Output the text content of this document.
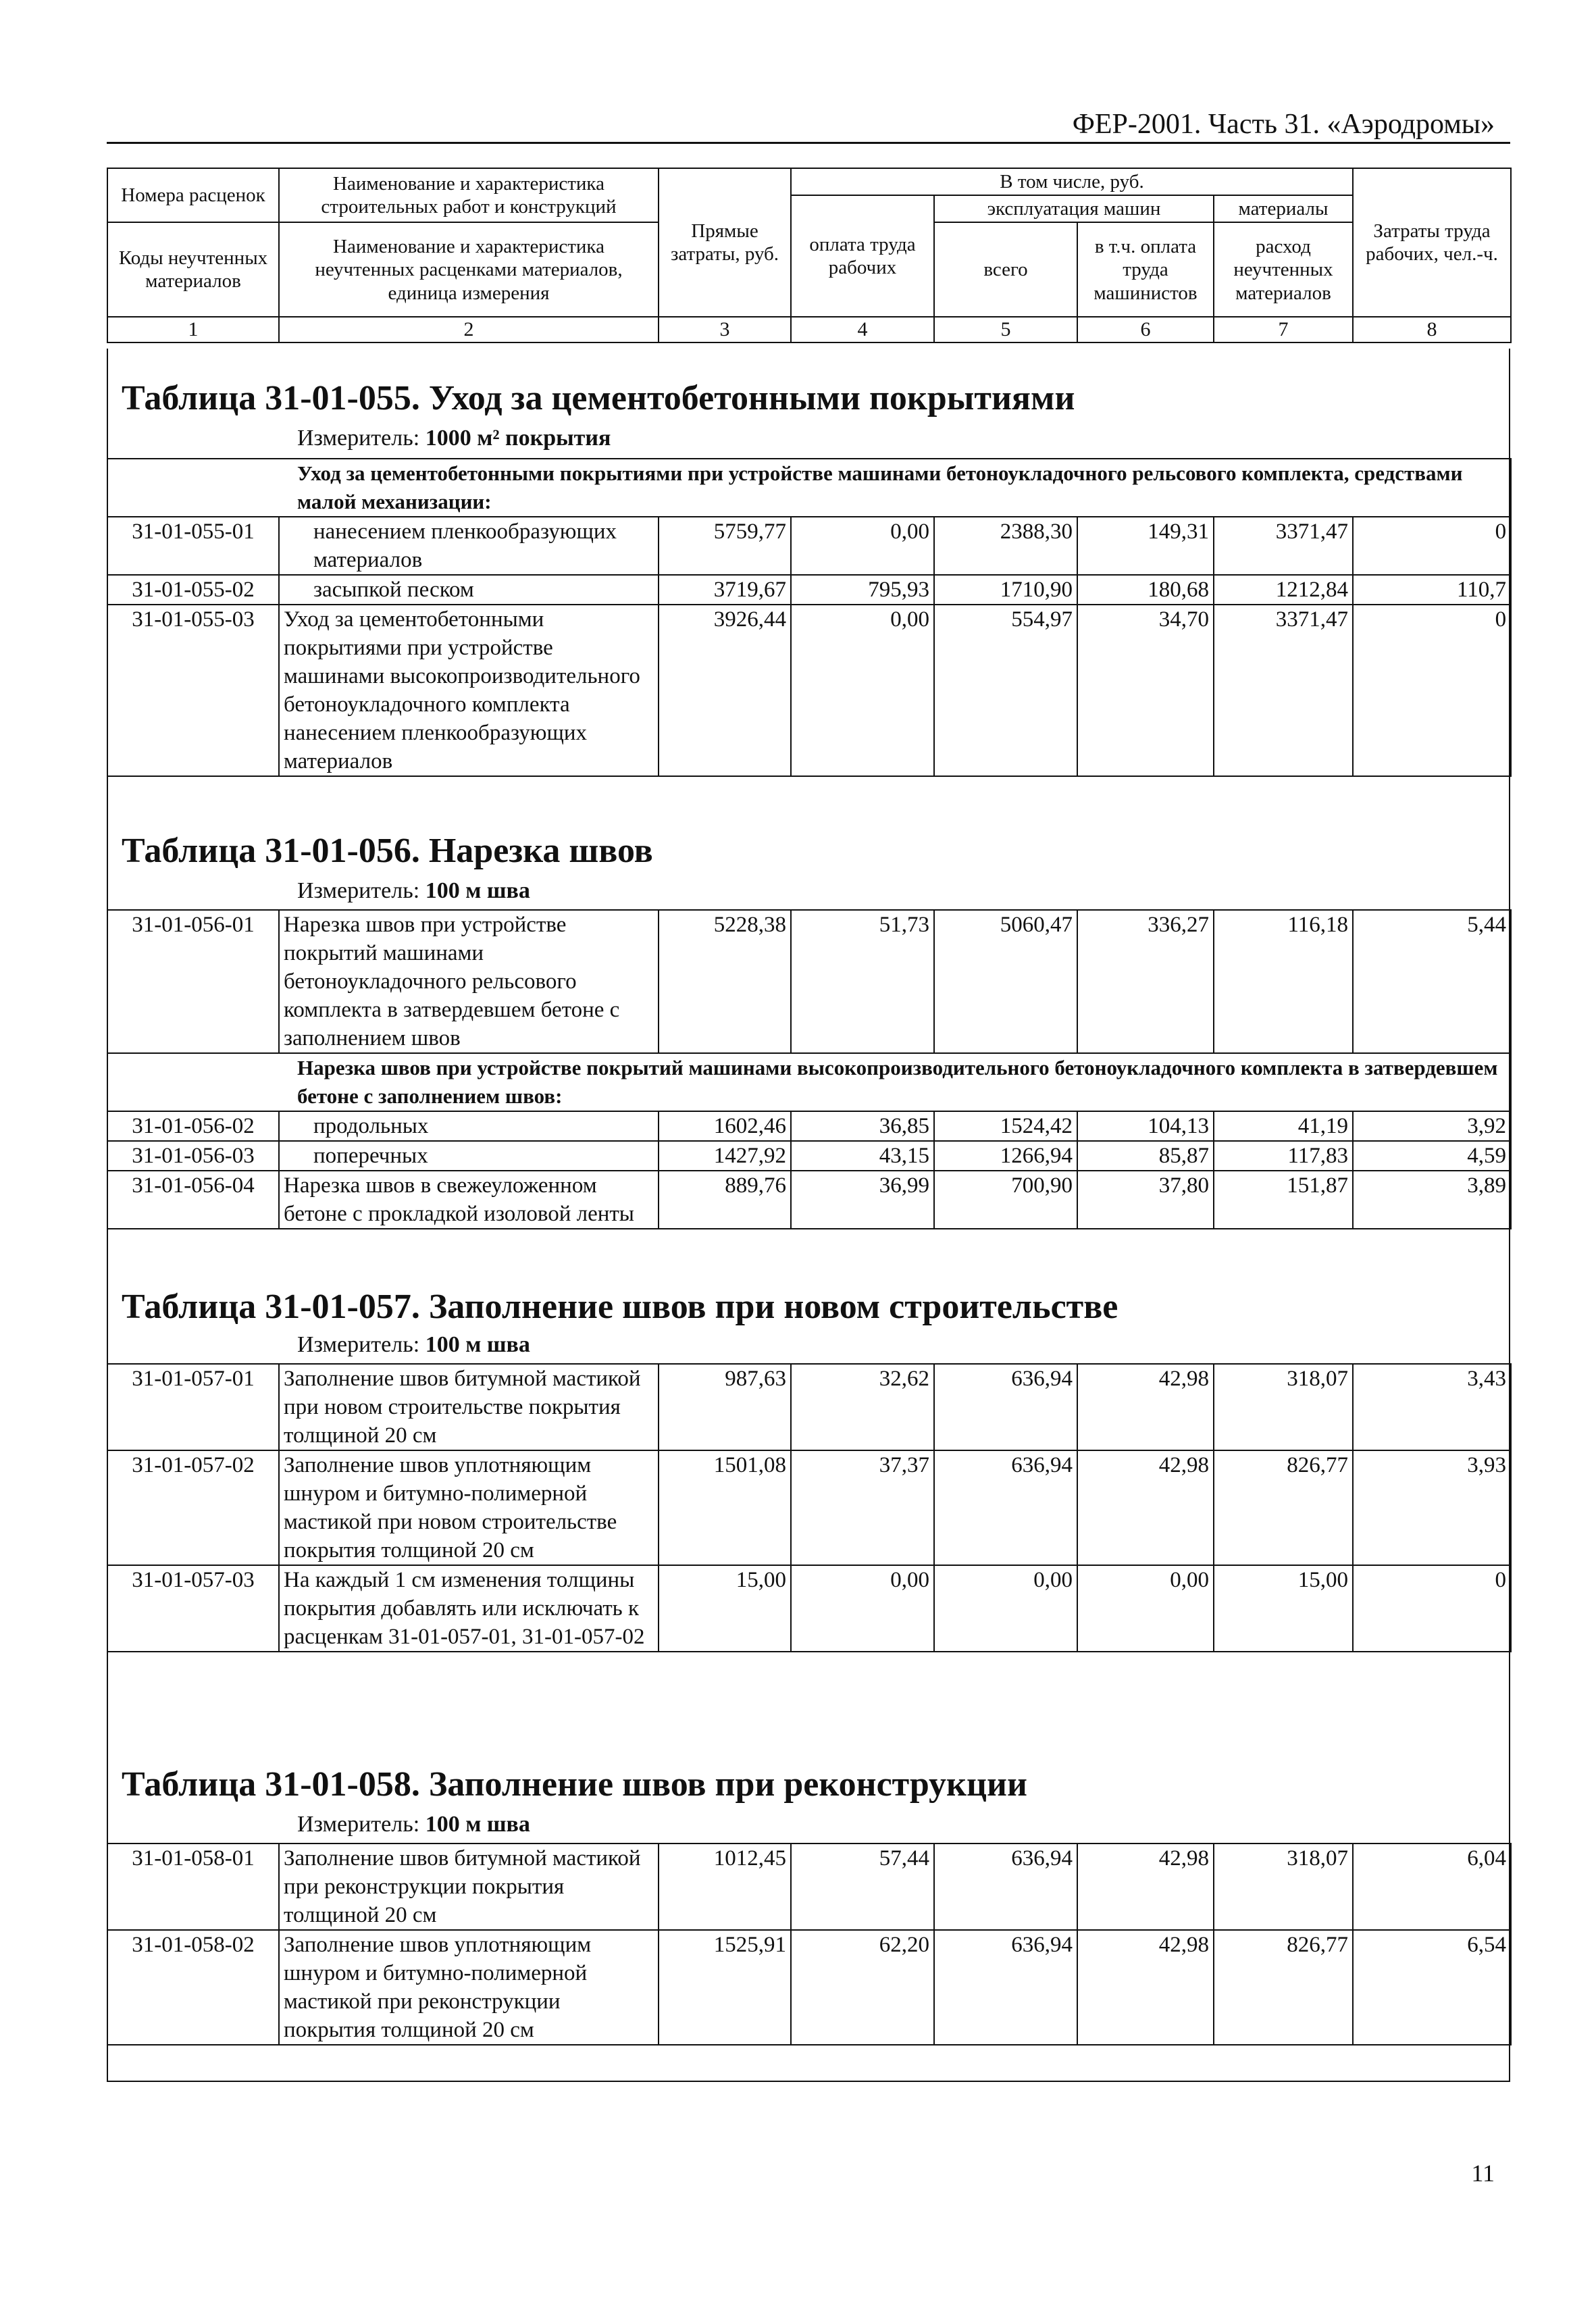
ФЕР-2001. Часть 31. «Аэродромы»
Номера расценок	Наименование и характеристика строительных работ и конструкций	Прямые затраты, руб.	В том числе, руб.				Затраты труда рабочих, чел.-ч.
			оплата труда рабочих	эксплуатация машин		материалы	
Коды неучтенных материалов	Наименование и характеристика неучтенных расценками материалов, единица измерения			всего	в т.ч. оплата труда машинистов	расход неучтенных материалов	

1	2	3	4	5	6	7	8
Таблица 31-01-055. Уход за цементобетонными покрытиями
Измеритель: 1000 м² покрытия
Уход за цементобетонными покрытиями при устройстве машинами бетоноукладочного рельсового комплекта, средствами малой механизации:							
31-01-055-01	нанесением пленкообразующих материалов	5759,77	0,00	2388,30	149,31	3371,47	0
31-01-055-02	засыпкой песком	3719,67	795,93	1710,90	180,68	1212,84	110,7
31-01-055-03	Уход за цементобетонными покрытиями при устройстве машинами высокопроизводительного бетоноукладочного комплекта нанесением пленкообразующих материалов	3926,44	0,00	554,97	34,70	3371,47	0
Таблица 31-01-056. Нарезка швов
Измеритель: 100 м шва
31-01-056-01	Нарезка швов при устройстве покрытий машинами бетоноукладочного рельсового комплекта в затвердевшем бетоне с заполнением швов	5228,38	51,73	5060,47	336,27	116,18	5,44
Нарезка швов при устройстве покрытий машинами высокопроизводительного бетоноукладочного комплекта в затвердевшем бетоне с заполнением швов:							
31-01-056-02	продольных	1602,46	36,85	1524,42	104,13	41,19	3,92
31-01-056-03	поперечных	1427,92	43,15	1266,94	85,87	117,83	4,59
31-01-056-04	Нарезка швов в свежеуложенном бетоне с прокладкой изоловой ленты	889,76	36,99	700,90	37,80	151,87	3,89
Таблица 31-01-057. Заполнение швов при новом строительстве
Измеритель: 100 м шва
31-01-057-01	Заполнение швов битумной мастикой при новом строительстве покрытия толщиной 20 см	987,63	32,62	636,94	42,98	318,07	3,43
31-01-057-02	Заполнение швов уплотняющим шнуром и битумно-полимерной мастикой при новом строительстве покрытия толщиной 20 см	1501,08	37,37	636,94	42,98	826,77	3,93
31-01-057-03	На каждый 1 см изменения толщины покрытия добавлять или исключать к расценкам 31-01-057-01, 31-01-057-02	15,00	0,00	0,00	0,00	15,00	0
Таблица 31-01-058. Заполнение швов при реконструкции
Измеритель: 100 м шва
31-01-058-01	Заполнение швов битумной мастикой при реконструкции покрытия толщиной 20 см	1012,45	57,44	636,94	42,98	318,07	6,04
31-01-058-02	Заполнение швов уплотняющим шнуром и битумно-полимерной мастикой при реконструкции покрытия толщиной 20 см	1525,91	62,20	636,94	42,98	826,77	6,54
11
